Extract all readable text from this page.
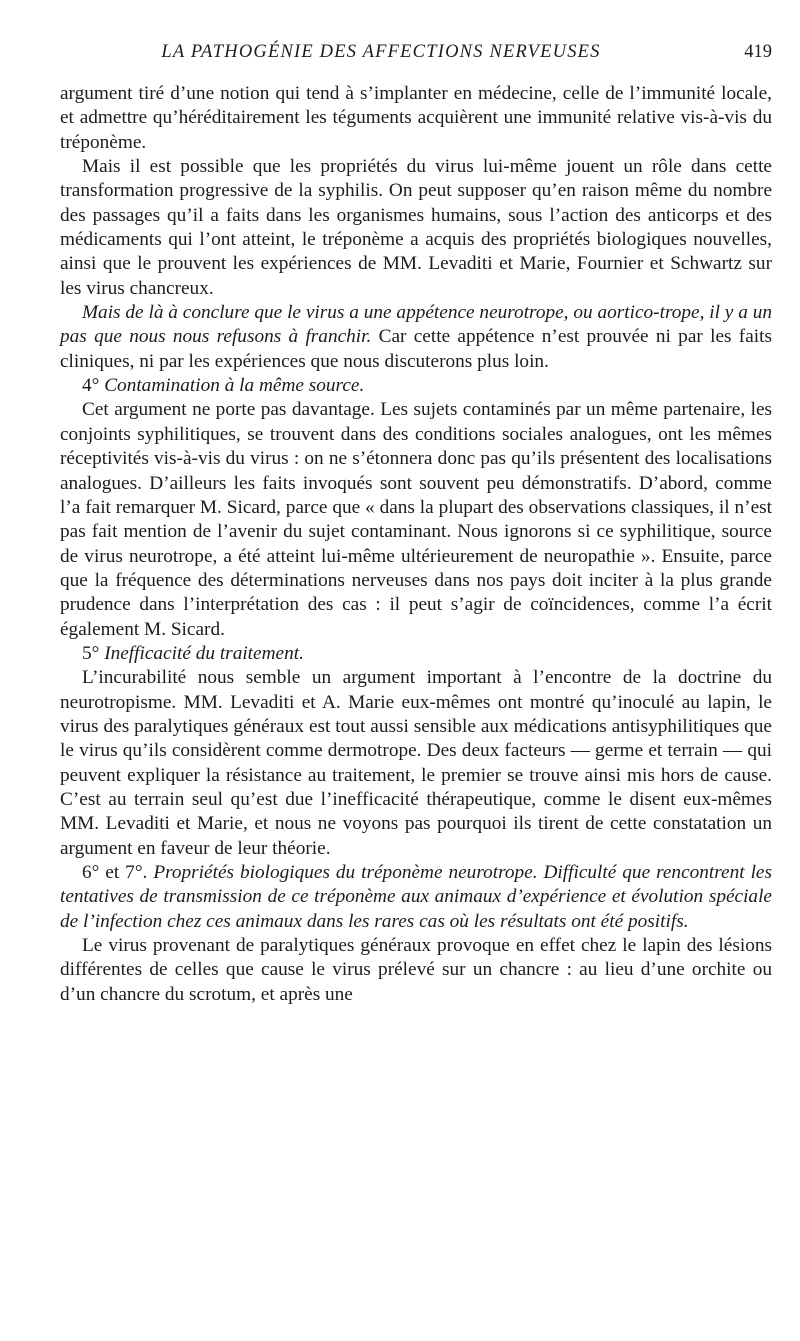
LA PATHOGÉNIE DES AFFECTIONS NERVEUSES	419

argument tiré d’une notion qui tend à s’implanter en médecine, celle de l’immunité locale, et admettre qu’héréditairement les téguments acquièrent une immunité relative vis-à-vis du tréponème.

Mais il est possible que les propriétés du virus lui-même jouent un rôle dans cette transformation progressive de la syphilis. On peut supposer qu’en raison même du nombre des passages qu’il a faits dans les organismes humains, sous l’action des anticorps et des médicaments qui l’ont atteint, le tréponème a acquis des propriétés biologiques nouvelles, ainsi que le prouvent les expériences de MM. Levaditi et Marie, Fournier et Schwartz sur les virus chancreux.

Mais de là à conclure que le virus a une appétence neurotrope, ou aortico-trope, il y a un pas que nous nous refusons à franchir. Car cette appétence n’est prouvée ni par les faits cliniques, ni par les expériences que nous discuterons plus loin.

4° Contamination à la même source.

Cet argument ne porte pas davantage. Les sujets contaminés par un même partenaire, les conjoints syphilitiques, se trouvent dans des conditions sociales analogues, ont les mêmes réceptivités vis-à-vis du virus : on ne s’étonnera donc pas qu’ils présentent des localisations analogues. D’ailleurs les faits invoqués sont souvent peu démonstratifs. D’abord, comme l’a fait remarquer M. Sicard, parce que « dans la plupart des observations classiques, il n’est pas fait mention de l’avenir du sujet contaminant. Nous ignorons si ce syphilitique, source de virus neurotrope, a été atteint lui-même ultérieurement de neuropathie ». Ensuite, parce que la fréquence des déterminations nerveuses dans nos pays doit inciter à la plus grande prudence dans l’interprétation des cas : il peut s’agir de coïncidences, comme l’a écrit également M. Sicard.

5° Inefficacité du traitement.

L’incurabilité nous semble un argument important à l’encontre de la doctrine du neurotropisme. MM. Levaditi et A. Marie eux-mêmes ont montré qu’inoculé au lapin, le virus des paralytiques généraux est tout aussi sensible aux médications antisyphilitiques que le virus qu’ils considèrent comme dermotrope. Des deux facteurs — germe et terrain — qui peuvent expliquer la résistance au traitement, le premier se trouve ainsi mis hors de cause. C’est au terrain seul qu’est due l’inefficacité thérapeutique, comme le disent eux-mêmes MM. Levaditi et Marie, et nous ne voyons pas pourquoi ils tirent de cette constatation un argument en faveur de leur théorie.

6° et 7°. Propriétés biologiques du tréponème neurotrope. Difficulté que rencontrent les tentatives de transmission de ce tréponème aux animaux d’expérience et évolution spéciale de l’infection chez ces animaux dans les rares cas où les résultats ont été positifs.

Le virus provenant de paralytiques généraux provoque en effet chez le lapin des lésions différentes de celles que cause le virus prélevé sur un chancre : au lieu d’une orchite ou d’un chancre du scrotum, et après une
